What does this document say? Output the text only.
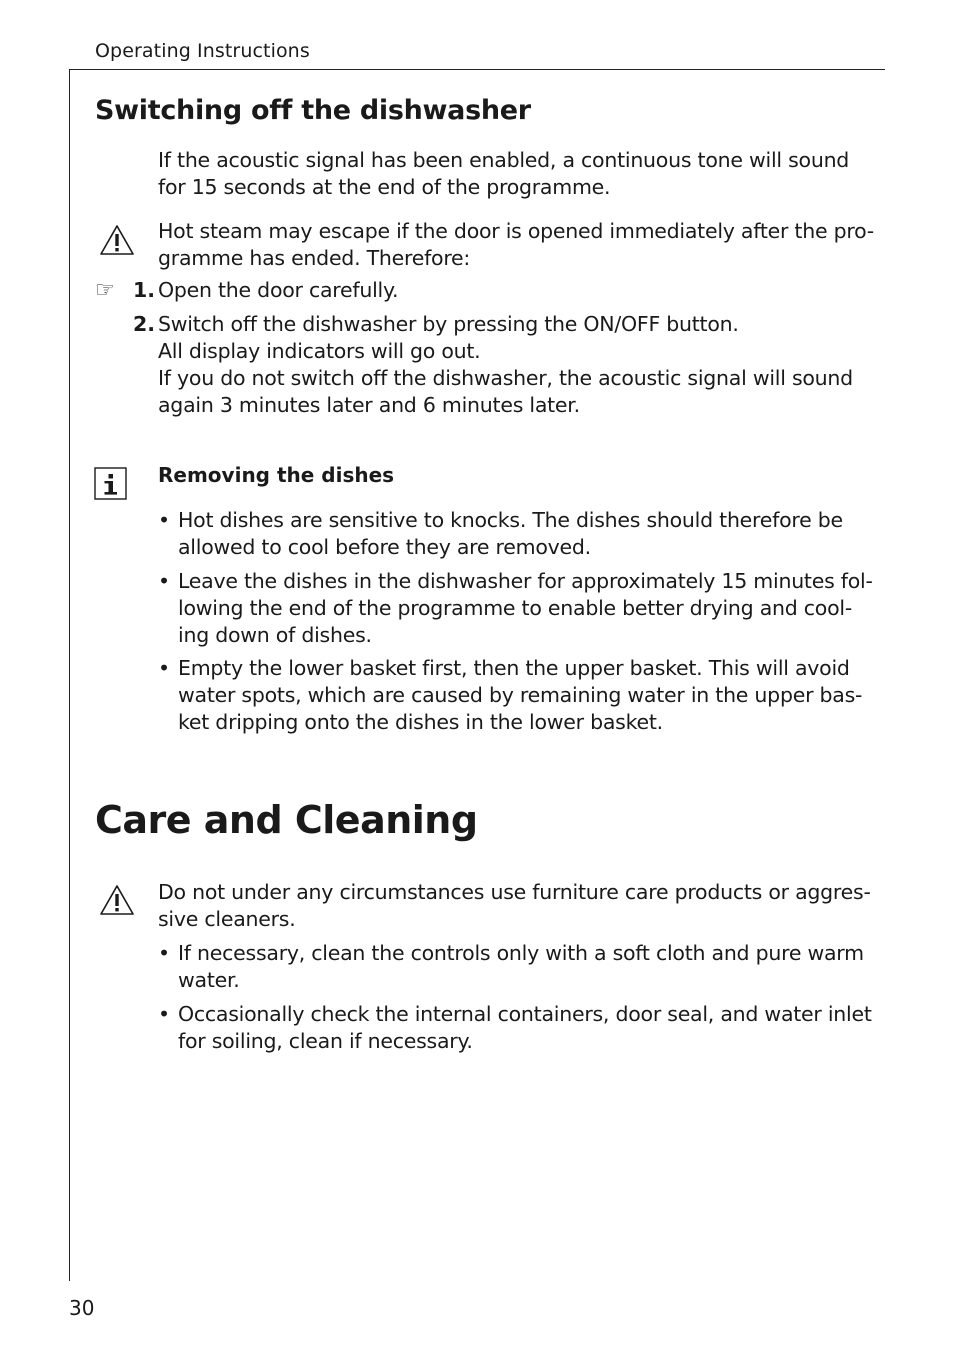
Operating Instructions
Switching off the dishwasher
If the acoustic signal has been enabled, a continuous tone will sound
for 15 seconds at the end of the programme.
Hot steam may escape if the door is opened immediately after the pro-
gramme has ended. Therefore:
☞ 1. Open the door carefully.
2. Switch off the dishwasher by pressing the ON/OFF button.
All display indicators will go out.
If you do not switch off the dishwasher, the acoustic signal will sound
again 3 minutes later and 6 minutes later.
Removing the dishes
• Hot dishes are sensitive to knocks. The dishes should therefore be
allowed to cool before they are removed.
• Leave the dishes in the dishwasher for approximately 15 minutes fol-
lowing the end of the programme to enable better drying and cool-
ing down of dishes.
• Empty the lower basket first, then the upper basket. This will avoid
water spots, which are caused by remaining water in the upper bas-
ket dripping onto the dishes in the lower basket.
Care and Cleaning
Do not under any circumstances use furniture care products or aggres-
sive cleaners.
• If necessary, clean the controls only with a soft cloth and pure warm
water.
• Occasionally check the internal containers, door seal, and water inlet
for soiling, clean if necessary.
30
